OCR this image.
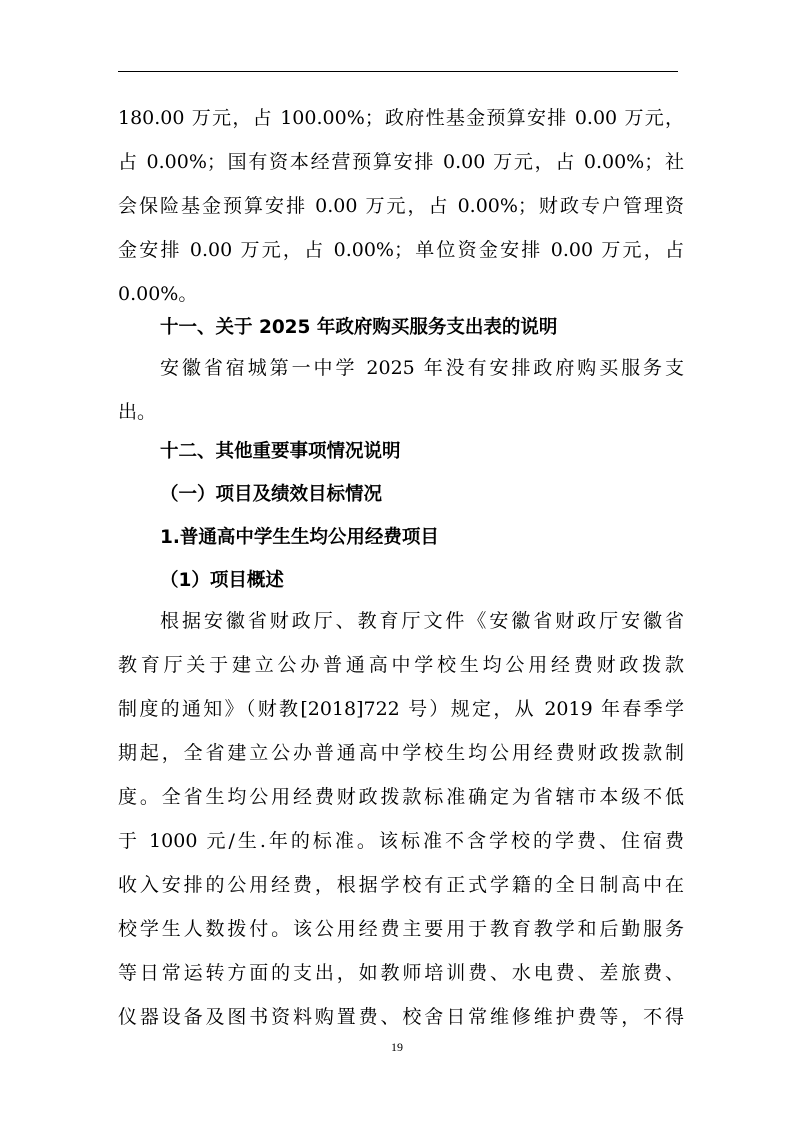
180.00 万元，占 100.00%；政府性基金预算安排 0.00 万元，
占 0.00%；国有资本经营预算安排 0.00 万元，占 0.00%；社
会保险基金预算安排 0.00 万元，占 0.00%；财政专户管理资
金安排 0.00 万元，占 0.00%；单位资金安排 0.00 万元，占
0.00%。
十一、关于 2025 年政府购买服务支出表的说明
安徽省宿城第一中学 2025 年没有安排政府购买服务支
出。
十二、其他重要事项情况说明
（一）项目及绩效目标情况
1.普通高中学生生均公用经费项目
（1）项目概述
根据安徽省财政厅、教育厅文件《安徽省财政厅安徽省
教育厅关于建立公办普通高中学校生均公用经费财政拨款
制度的通知》（财教[2018]722 号）规定，从 2019 年春季学
期起，全省建立公办普通高中学校生均公用经费财政拨款制
度。全省生均公用经费财政拨款标准确定为省辖市本级不低
于 1000 元/生.年的标准。该标准不含学校的学费、住宿费
收入安排的公用经费，根据学校有正式学籍的全日制高中在
校学生人数拨付。该公用经费主要用于教育教学和后勤服务
等日常运转方面的支出，如教师培训费、水电费、差旅费、
仪器设备及图书资料购置费、校舍日常维修维护费等，不得
19
